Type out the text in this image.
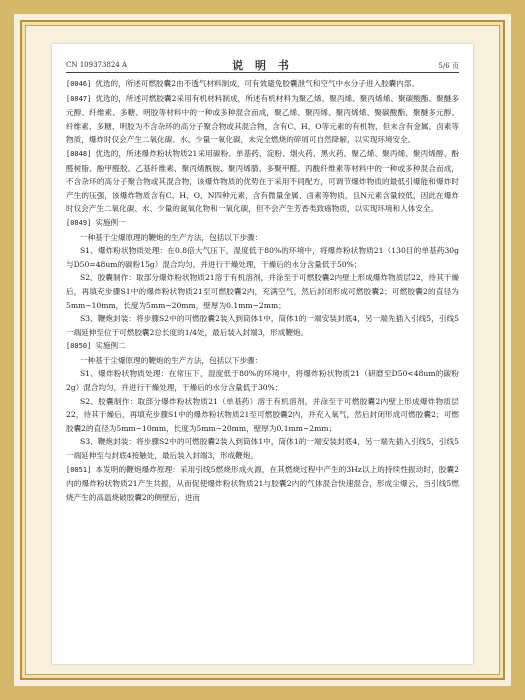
CN 109373824 A	说 明 书	5/6 页

[0046] 优选的，所述可燃胶囊2由不透气材料制成，可有效避免胶囊泄气和空气中水分子进入胶囊内部。

[0047] 优选的，所述可燃胶囊2采用有机材料制成，所述有机材料为聚乙烯、聚丙烯、聚丙烯烯、聚碳酸酯、聚醚多元醇、纤维素、多糖、明胶等材料中的一种或多种混合而成，聚乙烯、聚丙烯、聚丙烯烯、聚碳酸酯、聚醚多元醇、纤维素、多糖、明胶为不含杂环的高分子聚合物或其混合物，含有C、H、O等元素的有机物，但未含有金属、卤素等物质，爆炸时仅会产生二氧化碳、水、少量一氧化碳，未完全燃烧的碎屑可自然降解，以实现环境安全。

[0048] 优选的，所述爆炸粉状物质21采用碳粉、单基药、淀粉、烟火药、黑火药、聚乙烯、聚丙烯、聚丙烯醇、酚醛树脂、酚甲醛胶、乙基纤维素、聚丙烯酰胺、聚丙烯腈、多聚甲醛、丙酸纤维素等材料中的一种或多种混合而成，不含杂环的高分子聚合物或其混合物，该爆炸物质的优势在于采用不同配方，可调节爆炸物质的最低引爆能和爆炸时产生的压强，该爆炸物质含有C、H、O、N四种元素，含有微量金属、卤素等物质，且N元素含量较低，因此在爆炸时仅会产生二氧化碳、水、少量的氮氧化物和一氧化碳，但不会产生芳香类致癌物质，以实现环境和人体安全。

[0049] 实施例一

一种基于尘爆原理的鞭炮的生产方法，包括以下步骤：

S1、爆炸粉状物质处理：在0.8倍大气压下，湿度低于80%的环境中，将爆炸粉状物质21（130目的单基药30g与D50=48um的碳粉15g）混合均匀，并进行干燥处理，干燥后的水分含量低于50%；

S2、胶囊制作：取部分爆炸粉状物质21溶于有机溶剂，并涂至于可燃胶囊2内壁上形成爆炸物质层22，待其干燥后，再填充步骤S1中的爆炸粉状物质21至可燃胶囊2内，充满空气，然后封闭形成可燃胶囊2；可燃胶囊2的直径为5mm~10mm，长度为5mm~20mm，壁厚为0.1mm~2mm；

S3、鞭炮封装：将步骤S2中的可燃胶囊2装入到筒体1中，筒体1的一端安装封底4，另一端先插入引线5，引线5一端延伸至位于可燃胶囊2总长度的1/4处，最后装入封端3，形成鞭炮。

[0050] 实施例二

一种基于尘爆原理的鞭炮的生产方法，包括以下步骤：

S1、爆炸粉状物质处理：在常压下，湿度低于80%的环境中，将爆炸粉状物质21（研磨至D50<48um的碳粉2g）混合均匀，并进行干燥处理，干燥后的水分含量低于30%；

S2、胶囊制作：取部分爆炸粉状物质21（单基药）溶于有机溶剂，并涂至于可燃胶囊2内壁上形成爆炸物质层22，待其干燥后，再填充步骤S1中的爆炸粉状物质21至可燃胶囊2内，并充入氧气，然后封闭形成可燃胶囊2；可燃胶囊2的直径为5mm~10mm，长度为5mm~20mm，壁厚为0.1mm~2mm；

S3、鞭炮封装：将步骤S2中的可燃胶囊2装入到筒体1中，筒体1的一端安装封底4，另一端先插入引线5，引线5一端延伸至与封底4接触处，最后装入封端3，形成鞭炮。

[0051] 本发明的鞭炮爆炸原理：采用引线5燃烧形成火源，在其燃烧过程中产生的3Hz以上的持续性振动时，胶囊2内的爆炸粉状物质21产生共振，从而促使爆炸粉状物质21与胶囊2内的气体混合快速混合，形成尘爆云，当引线5燃烧产生的高温烧破胶囊2的侧壁后，进而
